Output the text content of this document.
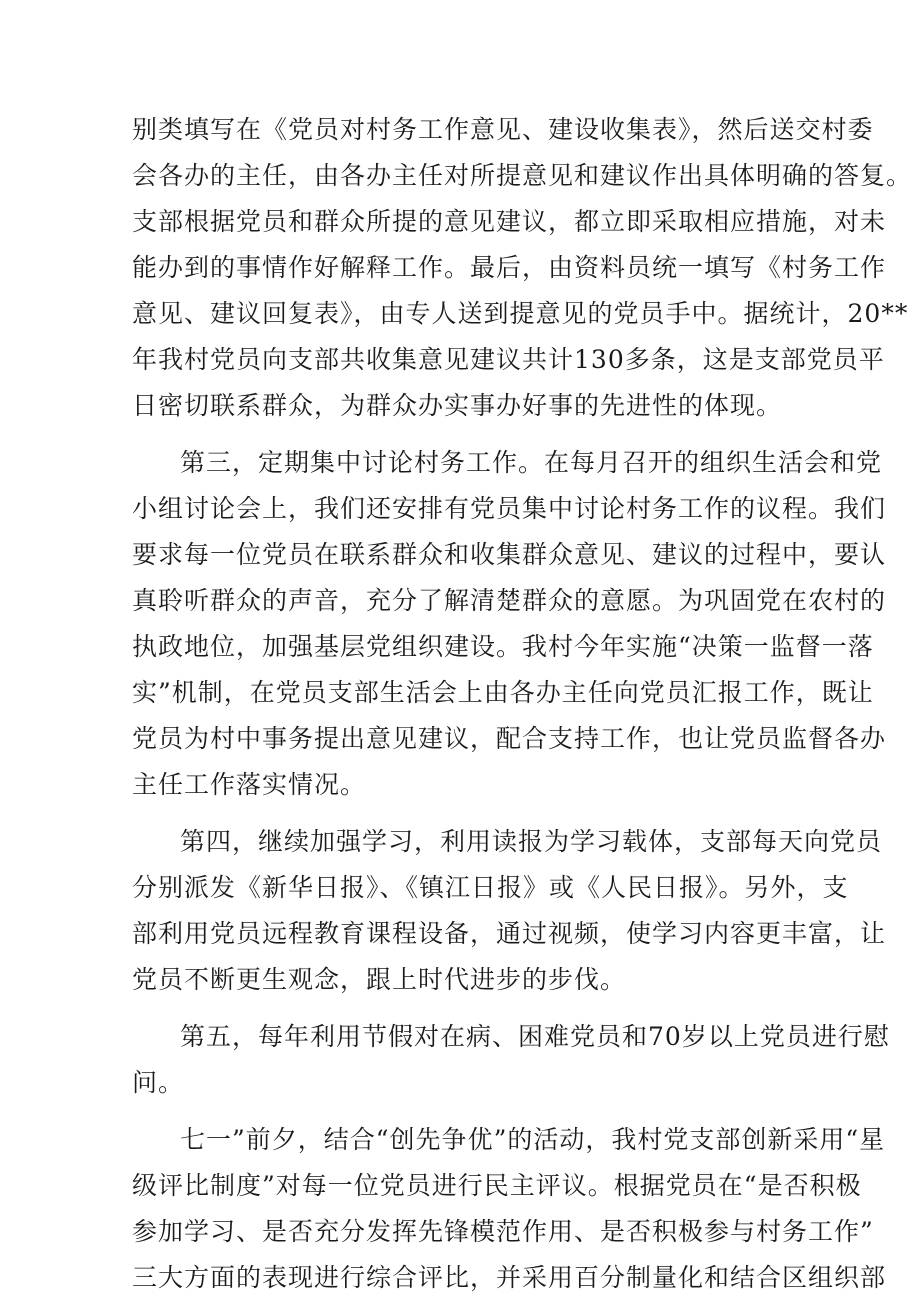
别类填写在《党员对村务工作意见、建设收集表》，然后送交村委
会各办的主任，由各办主任对所提意见和建议作出具体明确的答复。
支部根据党员和群众所提的意见建议，都立即采取相应措施，对未
能办到的事情作好解释工作。最后，由资料员统一填写《村务工作
意见、建议回复表》，由专人送到提意见的党员手中。据统计，20**
年我村党员向支部共收集意见建议共计130多条，这是支部党员平
日密切联系群众，为群众办实事办好事的先进性的体现。
第三，定期集中讨论村务工作。在每月召开的组织生活会和党
小组讨论会上，我们还安排有党员集中讨论村务工作的议程。我们
要求每一位党员在联系群众和收集群众意见、建议的过程中，要认
真聆听群众的声音，充分了解清楚群众的意愿。为巩固党在农村的
执政地位，加强基层党组织建设。我村今年实施“决策一监督一落
实”机制，在党员支部生活会上由各办主任向党员汇报工作，既让
党员为村中事务提出意见建议，配合支持工作，也让党员监督各办
主任工作落实情况。
第四，继续加强学习，利用读报为学习载体，支部每天向党员
分别派发《新华日报》、《镇江日报》或《人民日报》。另外，支
部利用党员远程教育课程设备，通过视频，使学习内容更丰富，让
党员不断更生观念，跟上时代进步的步伐。
第五，每年利用节假对在病、困难党员和70岁以上党员进行慰
问。
七一”前夕，结合“创先争优”的活动，我村党支部创新采用“星
级评比制度”对每一位党员进行民主评议。根据党员在“是否积极
参加学习、是否充分发挥先锋模范作用、是否积极参与村务工作”
三大方面的表现进行综合评比，并采用百分制量化和结合区组织部
